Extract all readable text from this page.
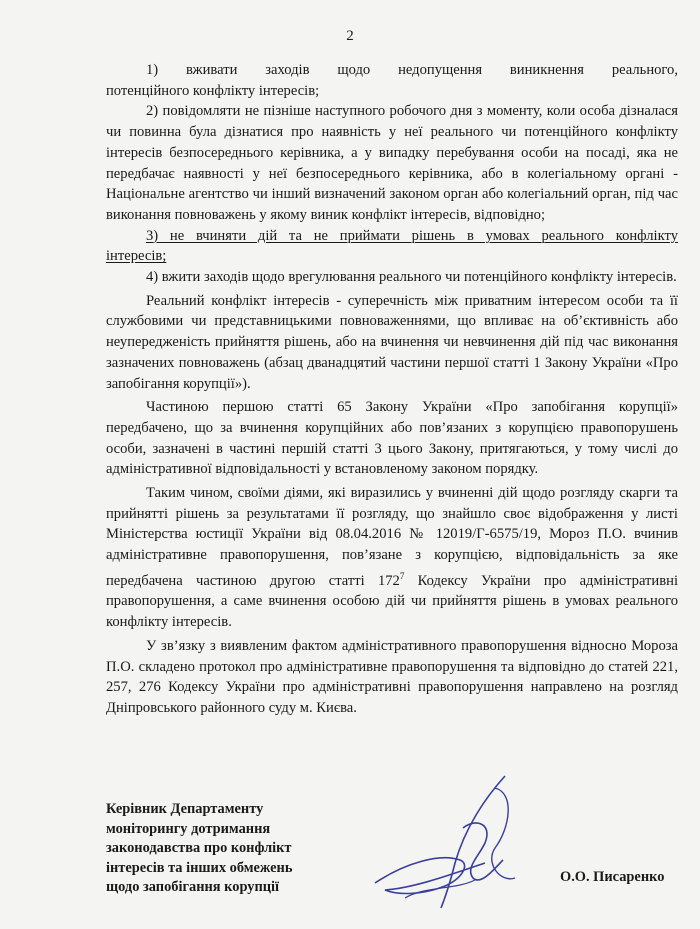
2

1) вживати заходів щодо недопущення виникнення реального,

потенційного конфлікту інтересів;

2) повідомляти не пізніше наступного робочого дня з моменту, коли особа дізналася чи повинна була дізнатися про наявність у неї реального чи потенційного конфлікту інтересів безпосереднього керівника, а у випадку перебування особи на посаді, яка не передбачає наявності у неї безпосереднього керівника, або в колегіальному органі - Національне агентство чи інший визначений законом орган або колегіальний орган, під час виконання повноважень у якому виник конфлікт інтересів, відповідно;

3) не вчиняти дій та не приймати рішень в умовах реального конфлікту

інтересів;

4) вжити заходів щодо врегулювання реального чи потенційного конфлікту інтересів.

Реальний конфлікт інтересів - суперечність між приватним інтересом особи та її службовими чи представницькими повноваженнями, що впливає на об’єктивність або неупередженість прийняття рішень, або на вчинення чи невчинення дій під час виконання зазначених повноважень (абзац дванадцятий частини першої статті 1 Закону України «Про запобігання корупції»).

Частиною першою статті 65 Закону України «Про запобігання корупції» передбачено, що за вчинення корупційних або пов’язаних з корупцією правопорушень особи, зазначені в частині першій статті 3 цього Закону, притягаються, у тому числі до адміністративної відповідальності у встановленому законом порядку.

Таким чином, своїми діями, які виразились у вчиненні дій щодо розгляду скарги та прийнятті рішень за результатами її розгляду, що знайшло своє відображення у листі Міністерства юстиції України від 08.04.2016 № 12019/Г-6575/19, Мороз П.О. вчинив адміністративне правопорушення, пов’язане з корупцією, відповідальність за яке передбачена частиною другою статті $172^7$ Кодексу України про адміністративні правопорушення, а саме вчинення особою дій чи прийняття рішень в умовах реального конфлікту інтересів.

У зв’язку з виявленим фактом адміністративного правопорушення відносно Мороза П.О. складено протокол про адміністративне правопорушення та відповідно до статей 221, 257, 276 Кодексу України про адміністративні правопорушення направлено на розгляд Дніпровського районного суду м. Києва.

Керівник Департаменту
моніторингу дотримання
законодавства про конфлікт
інтересів та інших обмежень
щодо запобігання корупції
О.О. Писаренко
